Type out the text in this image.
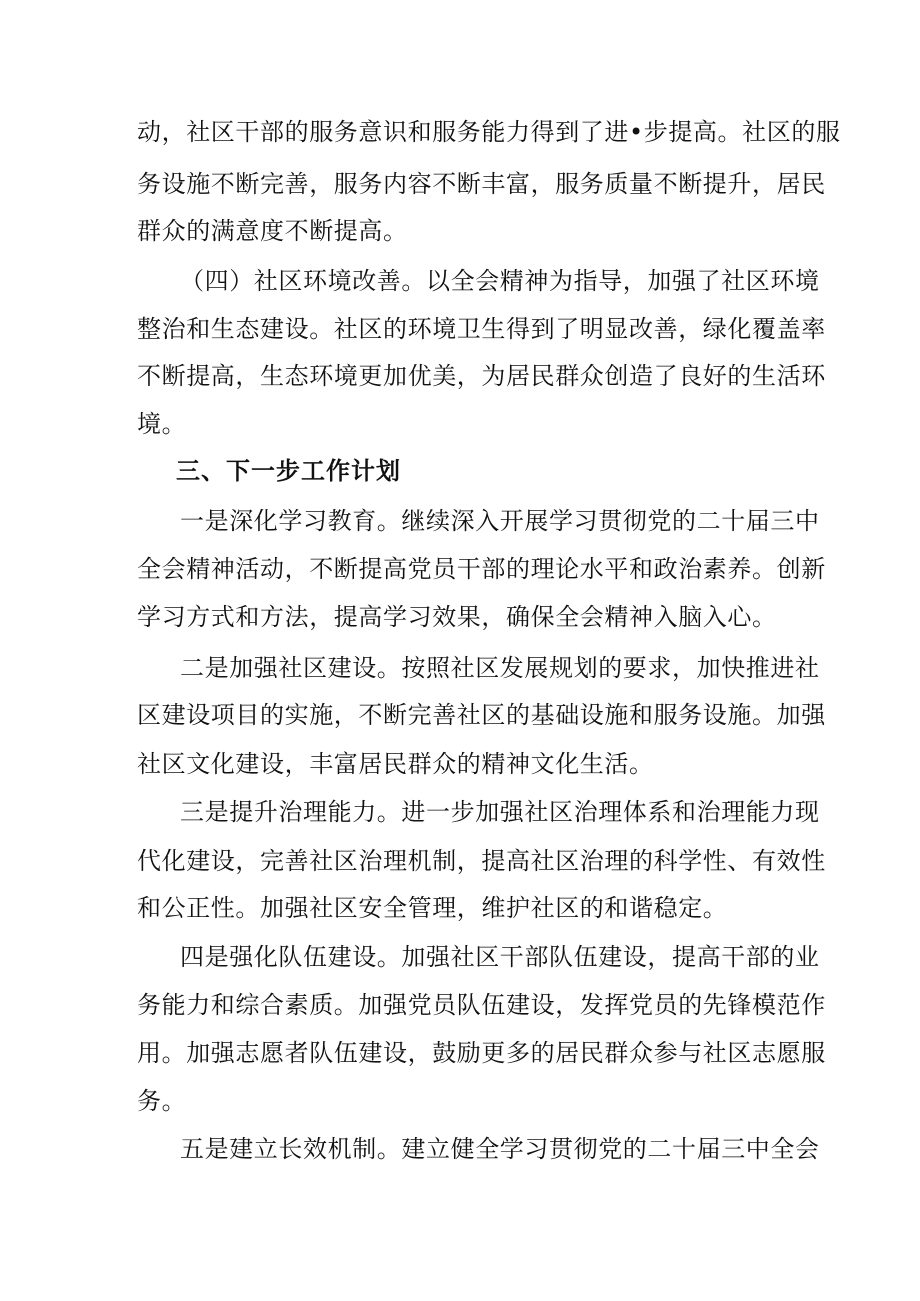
动，社区干部的服务意识和服务能力得到了进•步提高。社区的服
务设施不断完善，服务内容不断丰富，服务质量不断提升，居民
群众的满意度不断提高。
（四）社区环境改善。以全会精神为指导，加强了社区环境
整治和生态建设。社区的环境卫生得到了明显改善，绿化覆盖率
不断提高，生态环境更加优美，为居民群众创造了良好的生活环
境。
三、下一步工作计划
一是深化学习教育。继续深入开展学习贯彻党的二十届三中
全会精神活动，不断提高党员干部的理论水平和政治素养。创新
学习方式和方法，提高学习效果，确保全会精神入脑入心。
二是加强社区建设。按照社区发展规划的要求，加快推进社
区建设项目的实施，不断完善社区的基础设施和服务设施。加强
社区文化建设，丰富居民群众的精神文化生活。
三是提升治理能力。进一步加强社区治理体系和治理能力现
代化建设，完善社区治理机制，提高社区治理的科学性、有效性
和公正性。加强社区安全管理，维护社区的和谐稳定。
四是强化队伍建设。加强社区干部队伍建设，提高干部的业
务能力和综合素质。加强党员队伍建设，发挥党员的先锋模范作
用。加强志愿者队伍建设，鼓励更多的居民群众参与社区志愿服
务。
五是建立长效机制。建立健全学习贯彻党的二十届三中全会
